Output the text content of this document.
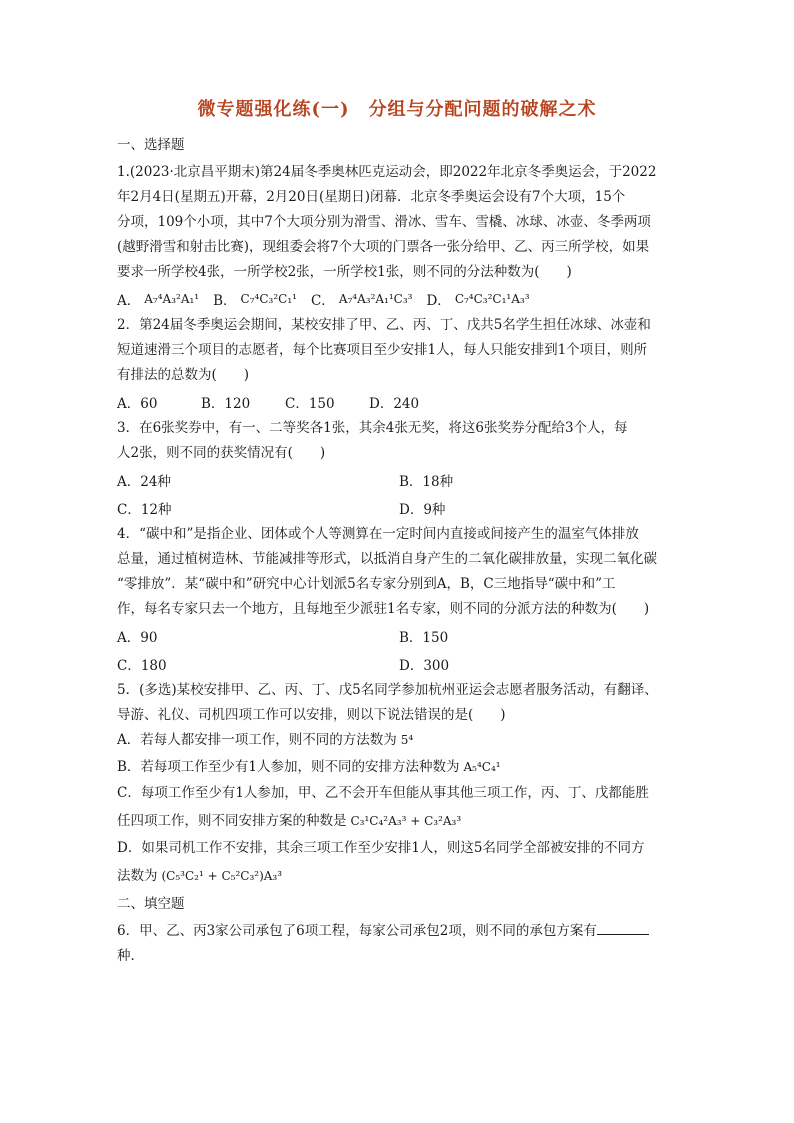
微专题强化练(一)　分组与分配问题的破解之术
一、选择题
1.(2023·北京昌平期末)第24届冬季奥林匹克运动会，即2022年北京冬季奥运会，于2022
年2月4日(星期五)开幕，2月20日(星期日)闭幕．北京冬季奥运会设有7个大项，15个
分项，109个小项，其中7个大项分别为滑雪、滑冰、雪车、雪橇、冰球、冰壶、冬季两项
(越野滑雪和射击比赛)，现组委会将7个大项的门票各一张分给甲、乙、丙三所学校，如果
要求一所学校4张，一所学校2张，一所学校1张，则不同的分法种数为(　　)
A． A₇⁴A₃²A₁¹ B． C₇⁴C₃²C₁¹ C． A₇⁴A₃²A₁¹C₃³ D． C₇⁴C₃²C₁¹A₃³
2．第24届冬季奥运会期间，某校安排了甲、乙、丙、丁、戊共5名学生担任冰球、冰壶和
短道速滑三个项目的志愿者，每个比赛项目至少安排1人，每人只能安排到1个项目，则所
有排法的总数为(　　)
A．60	B．120	C．150	D．240
3．在6张奖券中，有一、二等奖各1张，其余4张无奖，将这6张奖券分配给3个人，每
人2张，则不同的获奖情况有(　　)
A．24种	B．18种
C．12种	D．9种
4．“碳中和”是指企业、团体或个人等测算在一定时间内直接或间接产生的温室气体排放
总量，通过植树造林、节能减排等形式，以抵消自身产生的二氧化碳排放量，实现二氧化碳
“零排放”．某“碳中和”研究中心计划派5名专家分别到A，B，C三地指导“碳中和”工
作，每名专家只去一个地方，且每地至少派驻1名专家，则不同的分派方法的种数为(　　)
A．90	B．150
C．180	D．300
5．(多选)某校安排甲、乙、丙、丁、戊5名同学参加杭州亚运会志愿者服务活动，有翻译、
导游、礼仪、司机四项工作可以安排，则以下说法错误的是(　　)
A．若每人都安排一项工作，则不同的方法数为 5⁴
B．若每项工作至少有1人参加，则不同的安排方法种数为 A₅⁴C₄¹
C．每项工作至少有1人参加，甲、乙不会开车但能从事其他三项工作，丙、丁、戊都能胜
任四项工作，则不同安排方案的种数是 C₃¹C₄²A₃³ + C₃²A₃³
D．如果司机工作不安排，其余三项工作至少安排1人，则这5名同学全部被安排的不同方
法数为 (C₅³C₂¹ + C₅²C₃²)A₃³
二、填空题
6．甲、乙、丙3家公司承包了6项工程，每家公司承包2项，则不同的承包方案有
种．
